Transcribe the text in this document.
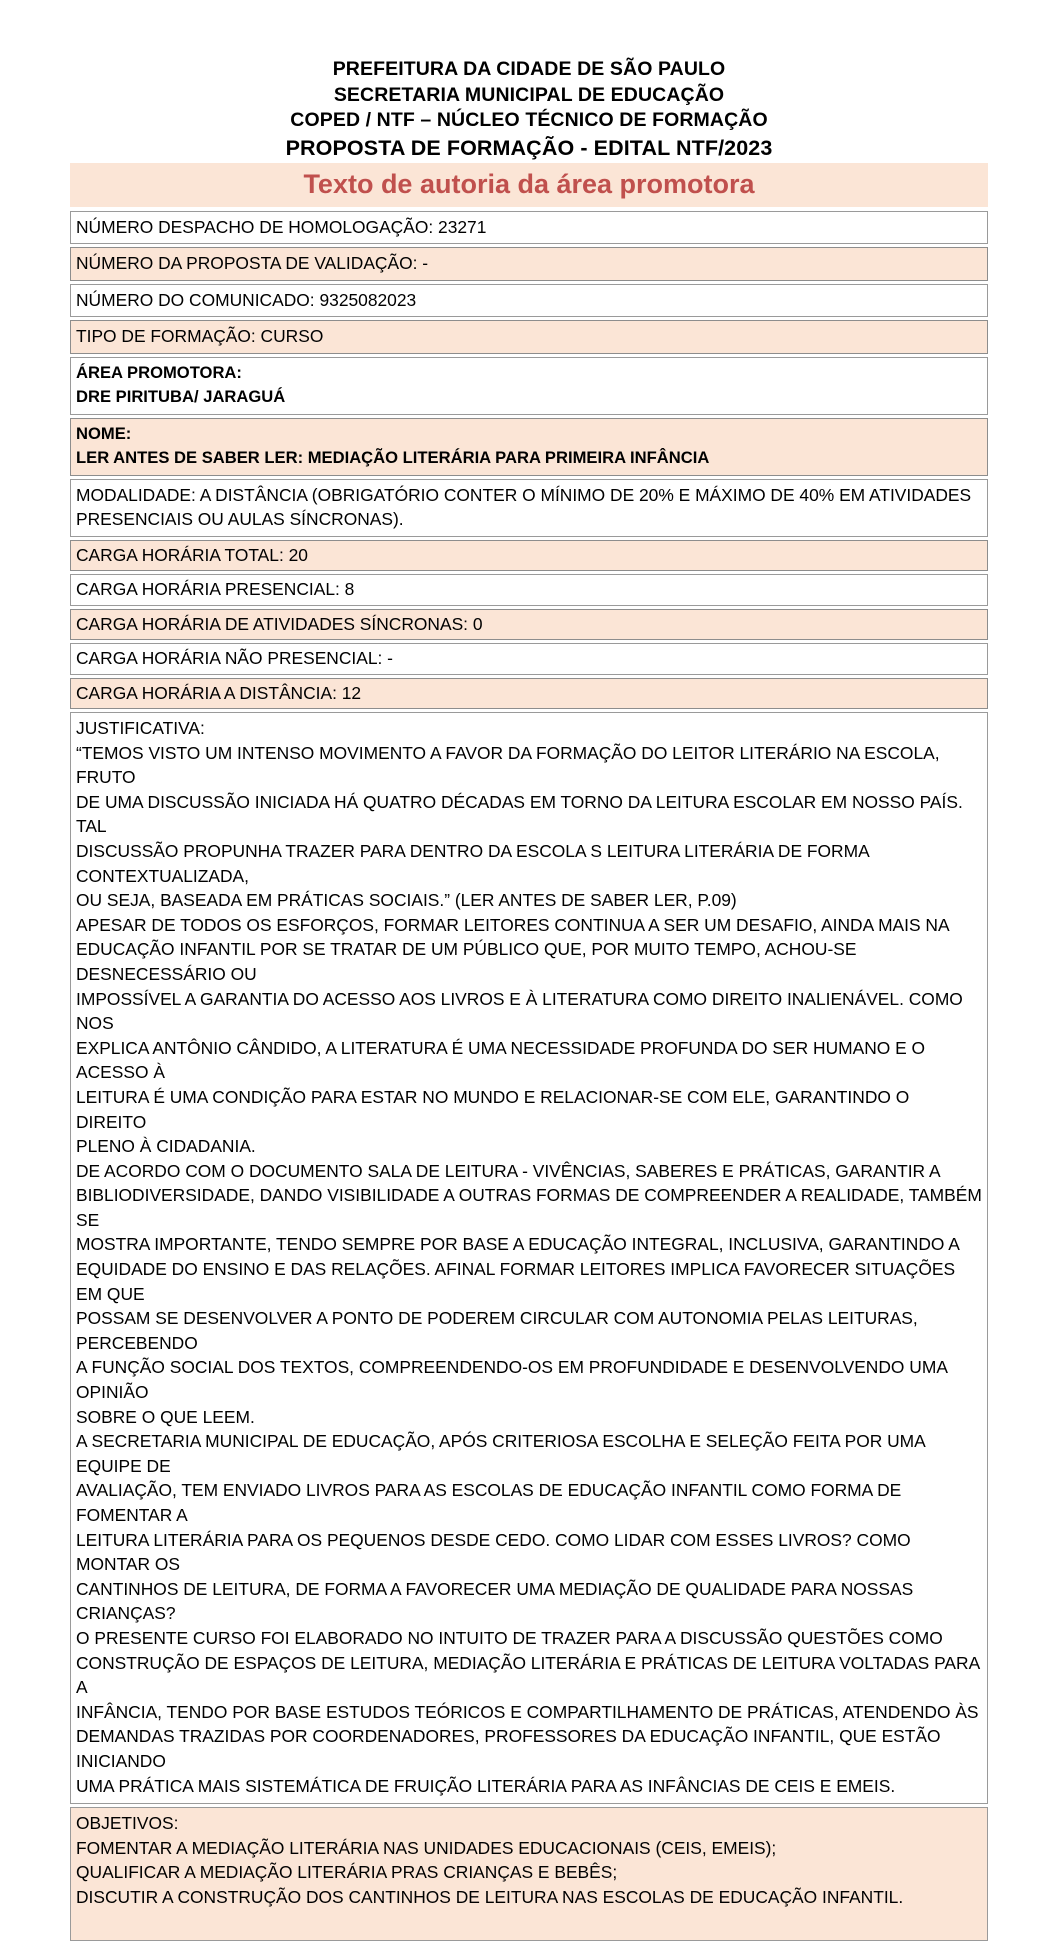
PREFEITURA DA CIDADE DE SÃO PAULO
SECRETARIA MUNICIPAL DE EDUCAÇÃO
COPED / NTF – NÚCLEO TÉCNICO DE FORMAÇÃO
PROPOSTA DE FORMAÇÃO - EDITAL NTF/2023
Texto de autoria da área promotora

NÚMERO DESPACHO DE HOMOLOGAÇÃO: 23271

NÚMERO DA PROPOSTA DE VALIDAÇÃO: -

NÚMERO DO COMUNICADO: 9325082023

TIPO DE FORMAÇÃO: CURSO

ÁREA PROMOTORA:

DRE PIRITUBA/ JARAGUÁ

NOME:

LER ANTES DE SABER LER: MEDIAÇÃO LITERÁRIA PARA PRIMEIRA INFÂNCIA

MODALIDADE: A DISTÂNCIA (OBRIGATÓRIO CONTER O MÍNIMO DE 20% E MÁXIMO DE 40% EM ATIVIDADES

PRESENCIAIS OU AULAS SÍNCRONAS).

CARGA HORÁRIA TOTAL: 20

CARGA HORÁRIA PRESENCIAL: 8

CARGA HORÁRIA DE ATIVIDADES SÍNCRONAS: 0

CARGA HORÁRIA NÃO PRESENCIAL: -

CARGA HORÁRIA A DISTÂNCIA: 12

JUSTIFICATIVA:

“TEMOS VISTO UM INTENSO MOVIMENTO A FAVOR DA FORMAÇÃO DO LEITOR LITERÁRIO NA ESCOLA, FRUTO

DE UMA DISCUSSÃO INICIADA HÁ QUATRO DÉCADAS EM TORNO DA LEITURA ESCOLAR EM NOSSO PAÍS. TAL

DISCUSSÃO PROPUNHA TRAZER PARA DENTRO DA ESCOLA S LEITURA LITERÁRIA DE FORMA CONTEXTUALIZADA,

OU SEJA, BASEADA EM PRÁTICAS SOCIAIS.” (LER ANTES DE SABER LER, P.09)

APESAR DE TODOS OS ESFORÇOS, FORMAR LEITORES CONTINUA A SER UM DESAFIO, AINDA MAIS NA

EDUCAÇÃO INFANTIL POR SE TRATAR DE UM PÚBLICO QUE, POR MUITO TEMPO, ACHOU-SE DESNECESSÁRIO OU

IMPOSSÍVEL A GARANTIA DO ACESSO AOS LIVROS E À LITERATURA COMO DIREITO INALIENÁVEL. COMO NOS

EXPLICA ANTÔNIO CÂNDIDO, A LITERATURA É UMA NECESSIDADE PROFUNDA DO SER HUMANO E O ACESSO À

LEITURA É UMA CONDIÇÃO PARA ESTAR NO MUNDO E RELACIONAR-SE COM ELE, GARANTINDO O DIREITO

PLENO À CIDADANIA.

DE ACORDO COM O DOCUMENTO SALA DE LEITURA - VIVÊNCIAS, SABERES E PRÁTICAS, GARANTIR A

BIBLIODIVERSIDADE, DANDO VISIBILIDADE A OUTRAS FORMAS DE COMPREENDER A REALIDADE, TAMBÉM SE

MOSTRA IMPORTANTE, TENDO SEMPRE POR BASE A EDUCAÇÃO INTEGRAL, INCLUSIVA, GARANTINDO A

EQUIDADE DO ENSINO E DAS RELAÇÕES. AFINAL FORMAR LEITORES IMPLICA FAVORECER SITUAÇÕES EM QUE

POSSAM SE DESENVOLVER A PONTO DE PODEREM CIRCULAR COM AUTONOMIA PELAS LEITURAS, PERCEBENDO

A FUNÇÃO SOCIAL DOS TEXTOS, COMPREENDENDO-OS EM PROFUNDIDADE E DESENVOLVENDO UMA OPINIÃO

SOBRE O QUE LEEM.

A SECRETARIA MUNICIPAL DE EDUCAÇÃO, APÓS CRITERIOSA ESCOLHA E SELEÇÃO FEITA POR UMA EQUIPE DE

AVALIAÇÃO, TEM ENVIADO LIVROS PARA AS ESCOLAS DE EDUCAÇÃO INFANTIL COMO FORMA DE FOMENTAR A

LEITURA LITERÁRIA PARA OS PEQUENOS DESDE CEDO. COMO LIDAR COM ESSES LIVROS? COMO MONTAR OS

CANTINHOS DE LEITURA, DE FORMA A FAVORECER UMA MEDIAÇÃO DE QUALIDADE PARA NOSSAS CRIANÇAS?

O PRESENTE CURSO FOI ELABORADO NO INTUITO DE TRAZER PARA A DISCUSSÃO QUESTÕES COMO

CONSTRUÇÃO DE ESPAÇOS DE LEITURA, MEDIAÇÃO LITERÁRIA E PRÁTICAS DE LEITURA VOLTADAS PARA A

INFÂNCIA, TENDO POR BASE ESTUDOS TEÓRICOS E COMPARTILHAMENTO DE PRÁTICAS, ATENDENDO ÀS

DEMANDAS TRAZIDAS POR COORDENADORES, PROFESSORES DA EDUCAÇÃO INFANTIL, QUE ESTÃO INICIANDO

UMA PRÁTICA MAIS SISTEMÁTICA DE FRUIÇÃO LITERÁRIA PARA AS INFÂNCIAS DE CEIS E EMEIS.

OBJETIVOS:

FOMENTAR A MEDIAÇÃO LITERÁRIA NAS UNIDADES EDUCACIONAIS (CEIS, EMEIS);

QUALIFICAR A MEDIAÇÃO LITERÁRIA PRAS CRIANÇAS E BEBÊS;

DISCUTIR A CONSTRUÇÃO DOS CANTINHOS DE LEITURA NAS ESCOLAS DE EDUCAÇÃO INFANTIL.
